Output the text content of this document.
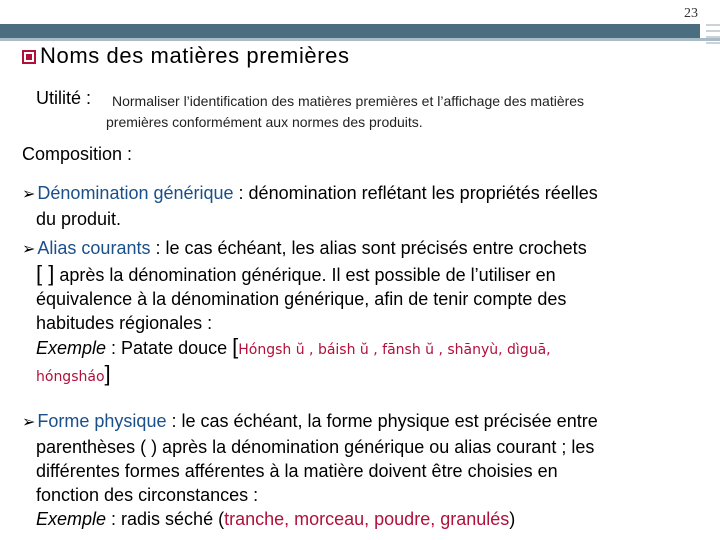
23
Noms des matières premières
Utilité : Normaliser l’identification des matières premières et l’affichage des matières
premières conformément aux normes des produits.
Composition :
➢ Dénomination générique : dénomination reflétant les propriétés réelles
du produit.
➢ Alias courants : le cas échéant, les alias sont précisés entre crochets
[ ] après la dénomination générique. Il est possible de l’utiliser en
équivalence à la dénomination générique, afin de tenir compte des
habitudes régionales :
Exemple : Patate douce [Hóngsh ŭ , báish ŭ , fānsh ŭ , shānyù, dìguā,
hóngsháo]
➢ Forme physique : le cas échéant, la forme physique est précisée entre
parenthèses ( ) après la dénomination générique ou alias courant ; les
différentes formes afférentes à la matière doivent être choisies en
fonction des circonstances :
Exemple : radis séché (tranche, morceau, poudre, granulés)
